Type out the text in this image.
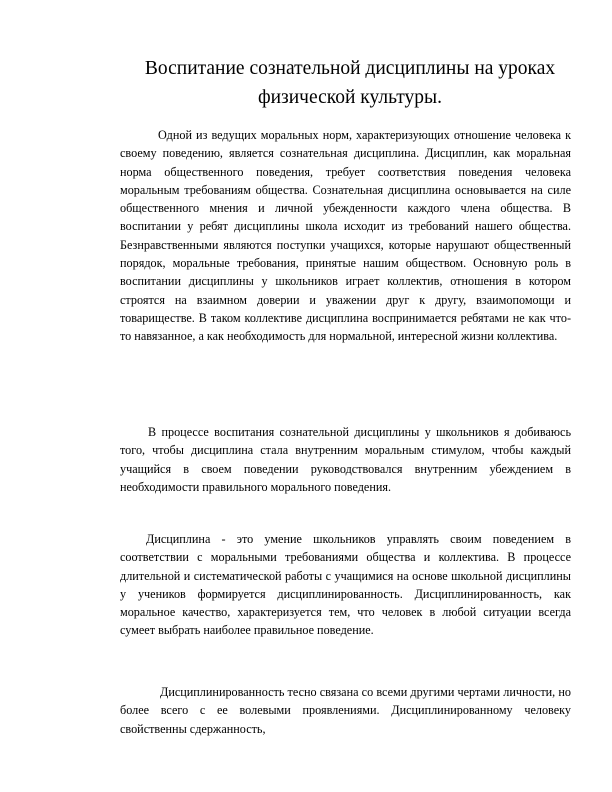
Воспитание сознательной дисциплины на уроках физической культуры.

Одной из ведущих моральных норм, характеризующих отношение человека к своему поведению, является сознательная дисциплина. Дисциплин, как моральная норма общественного поведения, требует соответствия поведения человека моральным требованиям общества. Сознательная дисциплина основывается на силе общественного мнения и личной убежденности каждого члена общества. В воспитании у ребят дисциплины школа исходит из требований нашего общества. Безнравственными являются поступки учащихся, которые нарушают общественный порядок, моральные требования, принятые нашим обществом. Основную роль в воспитании дисциплины у школьников играет коллектив, отношения в котором строятся на взаимном доверии и уважении друг к другу, взаимопомощи и товариществе. В таком коллективе дисциплина воспринимается ребятами не как что-то навязанное, а как необходимость для нормальной, интересной жизни коллектива.

В процессе воспитания сознательной дисциплины у школьников я добиваюсь того, чтобы дисциплина стала внутренним моральным стимулом, чтобы каждый учащийся в своем поведении руководствовался внутренним убеждением в необходимости правильного морального поведения.

Дисциплина - это умение школьников управлять своим поведением в соответствии с моральными требованиями общества и коллектива. В процессе длительной и систематической работы с учащимися на основе школьной дисциплины у учеников формируется дисциплинированность. Дисциплинированность, как моральное качество, характеризуется тем, что человек в любой ситуации всегда сумеет выбрать наиболее правильное поведение.

Дисциплинированность тесно связана со всеми другими чертами личности, но более всего с ее волевыми проявлениями. Дисциплинированному человеку свойственны сдержанность,
